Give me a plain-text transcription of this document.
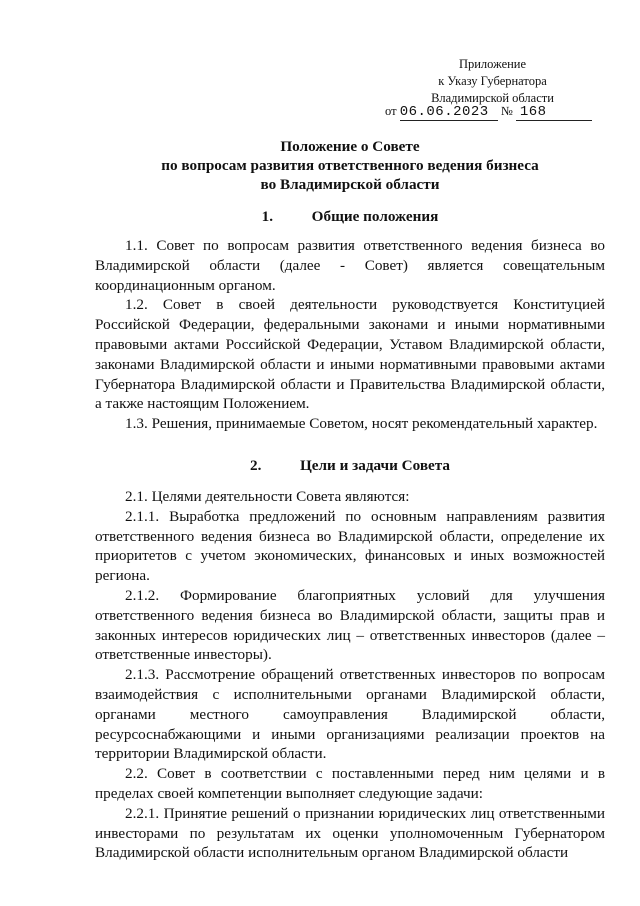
Приложение
к Указу Губернатора
Владимирской области
от 06.06.2023 № 168
Положение о Совете
по вопросам развития ответственного ведения бизнеса
во Владимирской области
1.	Общие положения

1.1. Совет по вопросам развития ответственного ведения бизнеса во Владимирской области (далее - Совет) является совещательным координационным органом.

1.2. Совет в своей деятельности руководствуется Конституцией Российской Федерации, федеральными законами и иными нормативными правовыми актами Российской Федерации, Уставом Владимирской области, законами Владимирской области и иными нормативными правовыми актами Губернатора Владимирской области и Правительства Владимирской области, а также настоящим Положением.

1.3. Решения, принимаемые Советом, носят рекомендательный характер.

2.	Цели и задачи Совета

2.1. Целями деятельности Совета являются:

2.1.1. Выработка предложений по основным направлениям развития ответственного ведения бизнеса во Владимирской области, определение их приоритетов с учетом экономических, финансовых и иных возможностей региона.

2.1.2. Формирование благоприятных условий для улучшения ответственного ведения бизнеса во Владимирской области, защиты прав и законных интересов юридических лиц – ответственных инвесторов (далее – ответственные инвесторы).

2.1.3. Рассмотрение обращений ответственных инвесторов по вопросам взаимодействия с исполнительными органами Владимирской области, органами местного самоуправления Владимирской области, ресурсоснабжающими и иными организациями реализации проектов на территории Владимирской области.

2.2. Совет в соответствии с поставленными перед ним целями и в пределах своей компетенции выполняет следующие задачи:

2.2.1. Принятие решений о признании юридических лиц ответственными инвесторами по результатам их оценки уполномоченным Губернатором Владимирской области исполнительным органом Владимирской области
